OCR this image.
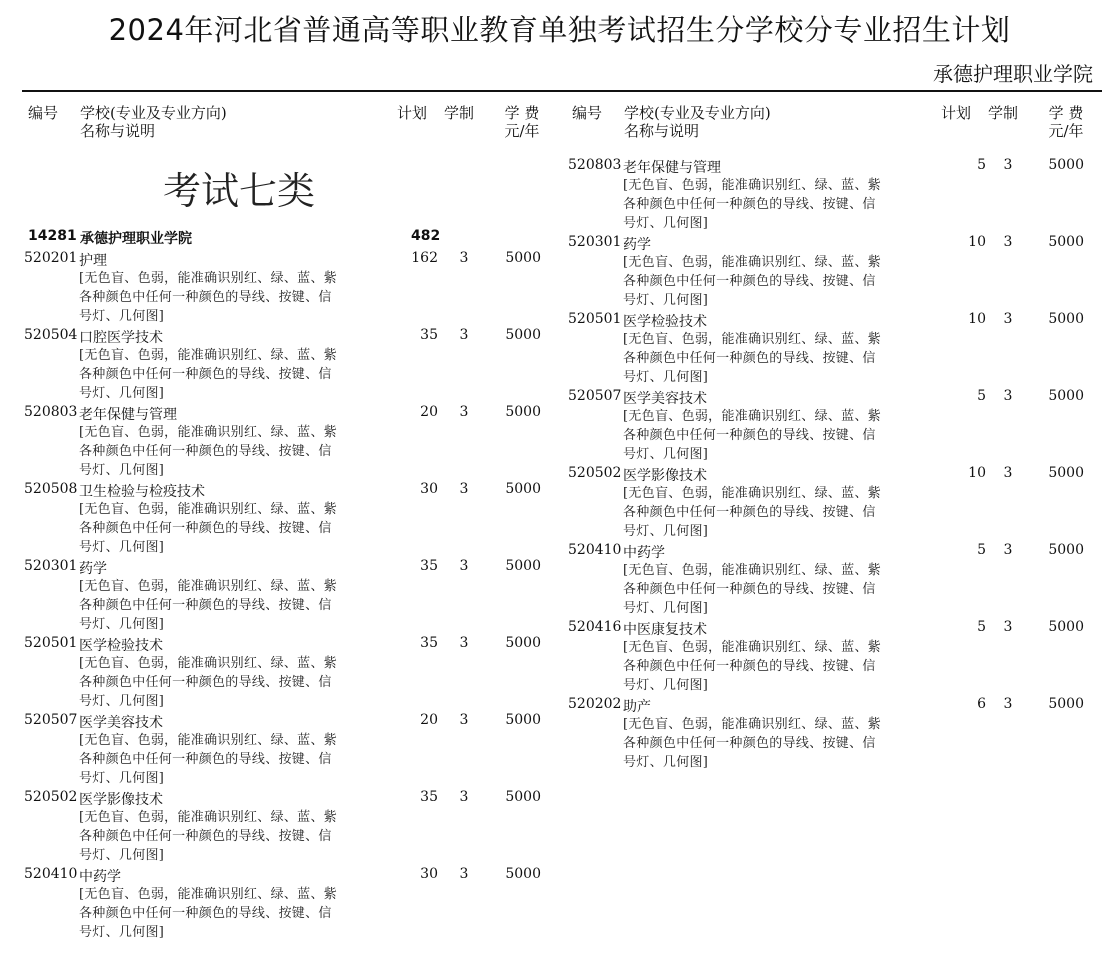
2024年河北省普通高等职业教育单独考试招生分学校分专业招生计划
承德护理职业学院
编号 学校(专业及专业方向)
名称与说明
计划 学制	学 费
元/年
考试七类
14281 承德护理职业学院	482
520201 护理	162	3	5000
[无色盲、色弱，能准确识别红、绿、蓝、紫
各种颜色中任何一种颜色的导线、按键、信
号灯、几何图]
520504 口腔医学技术	35	3	5000
[无色盲、色弱，能准确识别红、绿、蓝、紫
各种颜色中任何一种颜色的导线、按键、信
号灯、几何图]
520803 老年保健与管理	20	3	5000
[无色盲、色弱，能准确识别红、绿、蓝、紫
各种颜色中任何一种颜色的导线、按键、信
号灯、几何图]
520508 卫生检验与检疫技术	30	3	5000
[无色盲、色弱，能准确识别红、绿、蓝、紫
各种颜色中任何一种颜色的导线、按键、信
号灯、几何图]
520301 药学	35	3	5000
[无色盲、色弱，能准确识别红、绿、蓝、紫
各种颜色中任何一种颜色的导线、按键、信
号灯、几何图]
520501 医学检验技术	35	3	5000
[无色盲、色弱，能准确识别红、绿、蓝、紫
各种颜色中任何一种颜色的导线、按键、信
号灯、几何图]
520507 医学美容技术	20	3	5000
[无色盲、色弱，能准确识别红、绿、蓝、紫
各种颜色中任何一种颜色的导线、按键、信
号灯、几何图]
520502 医学影像技术	35	3	5000
[无色盲、色弱，能准确识别红、绿、蓝、紫
各种颜色中任何一种颜色的导线、按键、信
号灯、几何图]
520410 中药学	30	3	5000
[无色盲、色弱，能准确识别红、绿、蓝、紫
各种颜色中任何一种颜色的导线、按键、信
号灯、几何图]
编号 学校(专业及专业方向)
名称与说明
计划 学制	学 费
元/年
520803 老年保健与管理	5	3	5000
[无色盲、色弱，能准确识别红、绿、蓝、紫
各种颜色中任何一种颜色的导线、按键、信
号灯、几何图]
520301 药学	10	3	5000
[无色盲、色弱，能准确识别红、绿、蓝、紫
各种颜色中任何一种颜色的导线、按键、信
号灯、几何图]
520501 医学检验技术	10	3	5000
[无色盲、色弱，能准确识别红、绿、蓝、紫
各种颜色中任何一种颜色的导线、按键、信
号灯、几何图]
520507 医学美容技术	5	3	5000
[无色盲、色弱，能准确识别红、绿、蓝、紫
各种颜色中任何一种颜色的导线、按键、信
号灯、几何图]
520502 医学影像技术	10	3	5000
[无色盲、色弱，能准确识别红、绿、蓝、紫
各种颜色中任何一种颜色的导线、按键、信
号灯、几何图]
520410 中药学	5	3	5000
[无色盲、色弱，能准确识别红、绿、蓝、紫
各种颜色中任何一种颜色的导线、按键、信
号灯、几何图]
520416 中医康复技术	5	3	5000
[无色盲、色弱，能准确识别红、绿、蓝、紫
各种颜色中任何一种颜色的导线、按键、信
号灯、几何图]
520202 助产	6	3	5000
[无色盲、色弱，能准确识别红、绿、蓝、紫
各种颜色中任何一种颜色的导线、按键、信
号灯、几何图]
